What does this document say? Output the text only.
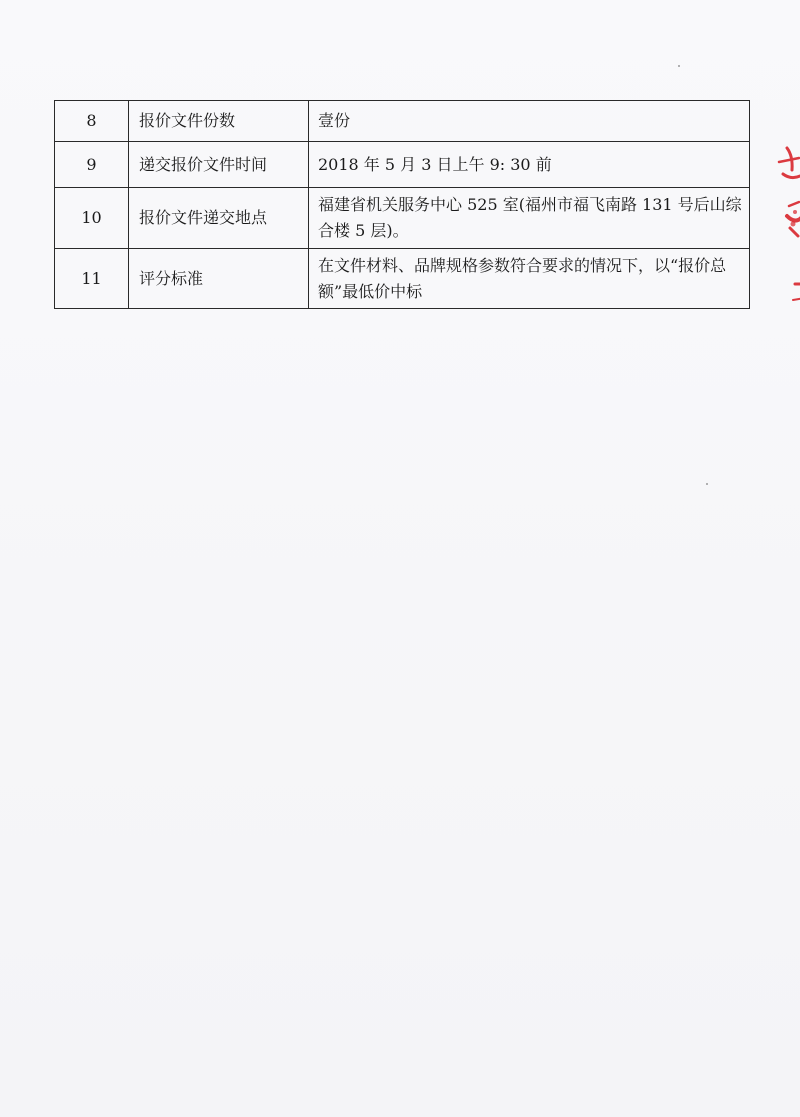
8	报价文件份数	壹份
9	递交报价文件时间	2018 年 5 月 3 日上午 9: 30 前
10	报价文件递交地点	福建省机关服务中心 525 室(福州市福飞南路 131 号后山综合楼 5 层)。
11	评分标准	在文件材料、品牌规格参数符合要求的情况下，以“报价总额”最低价中标
